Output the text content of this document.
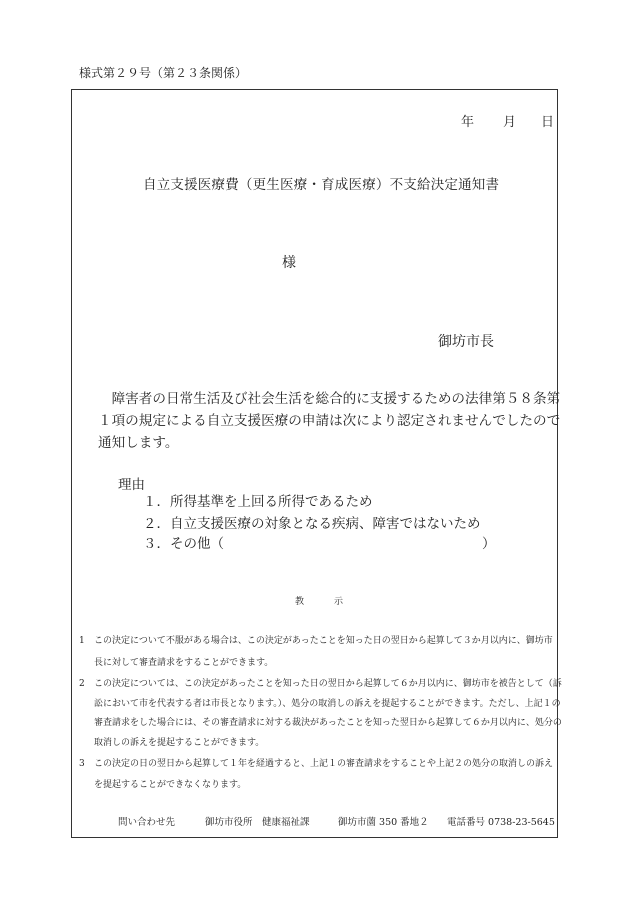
様式第２９号（第２３条関係）
年 月 日
自立支援医療費（更生医療・育成医療）不支給決定通知書
様
御坊市長

　障害者の日常生活及び社会生活を総合的に支援するための法律第５８条第

１項の規定による自立支援医療の申請は次により認定されませんでしたので

通知します。

理由
１．所得基準を上回る所得であるため
２．自立支援医療の対象となる疾病、障害ではないため
３．その他（	）
教示
1 この決定について不服がある場合は、この決定があったことを知った日の翌日から起算して３か月以内に、御坊市
長に対して審査請求をすることができます。
2 この決定については、この決定があったことを知った日の翌日から起算して６か月以内に、御坊市を被告として（訴
訟において市を代表する者は市長となります。）、処分の取消しの訴えを提起することができます。ただし、上記１の
審査請求をした場合には、その審査請求に対する裁決があったことを知った翌日から起算して６か月以内に、処分の
取消しの訴えを提起することができます。
3 この決定の日の翌日から起算して１年を経過すると、上記１の審査請求をすることや上記２の処分の取消しの訴え
を提起することができなくなります。
問い合わせ先	御坊市役所　健康福祉課	御坊市薗 350 番地２ 電話番号 0738-23-5645
